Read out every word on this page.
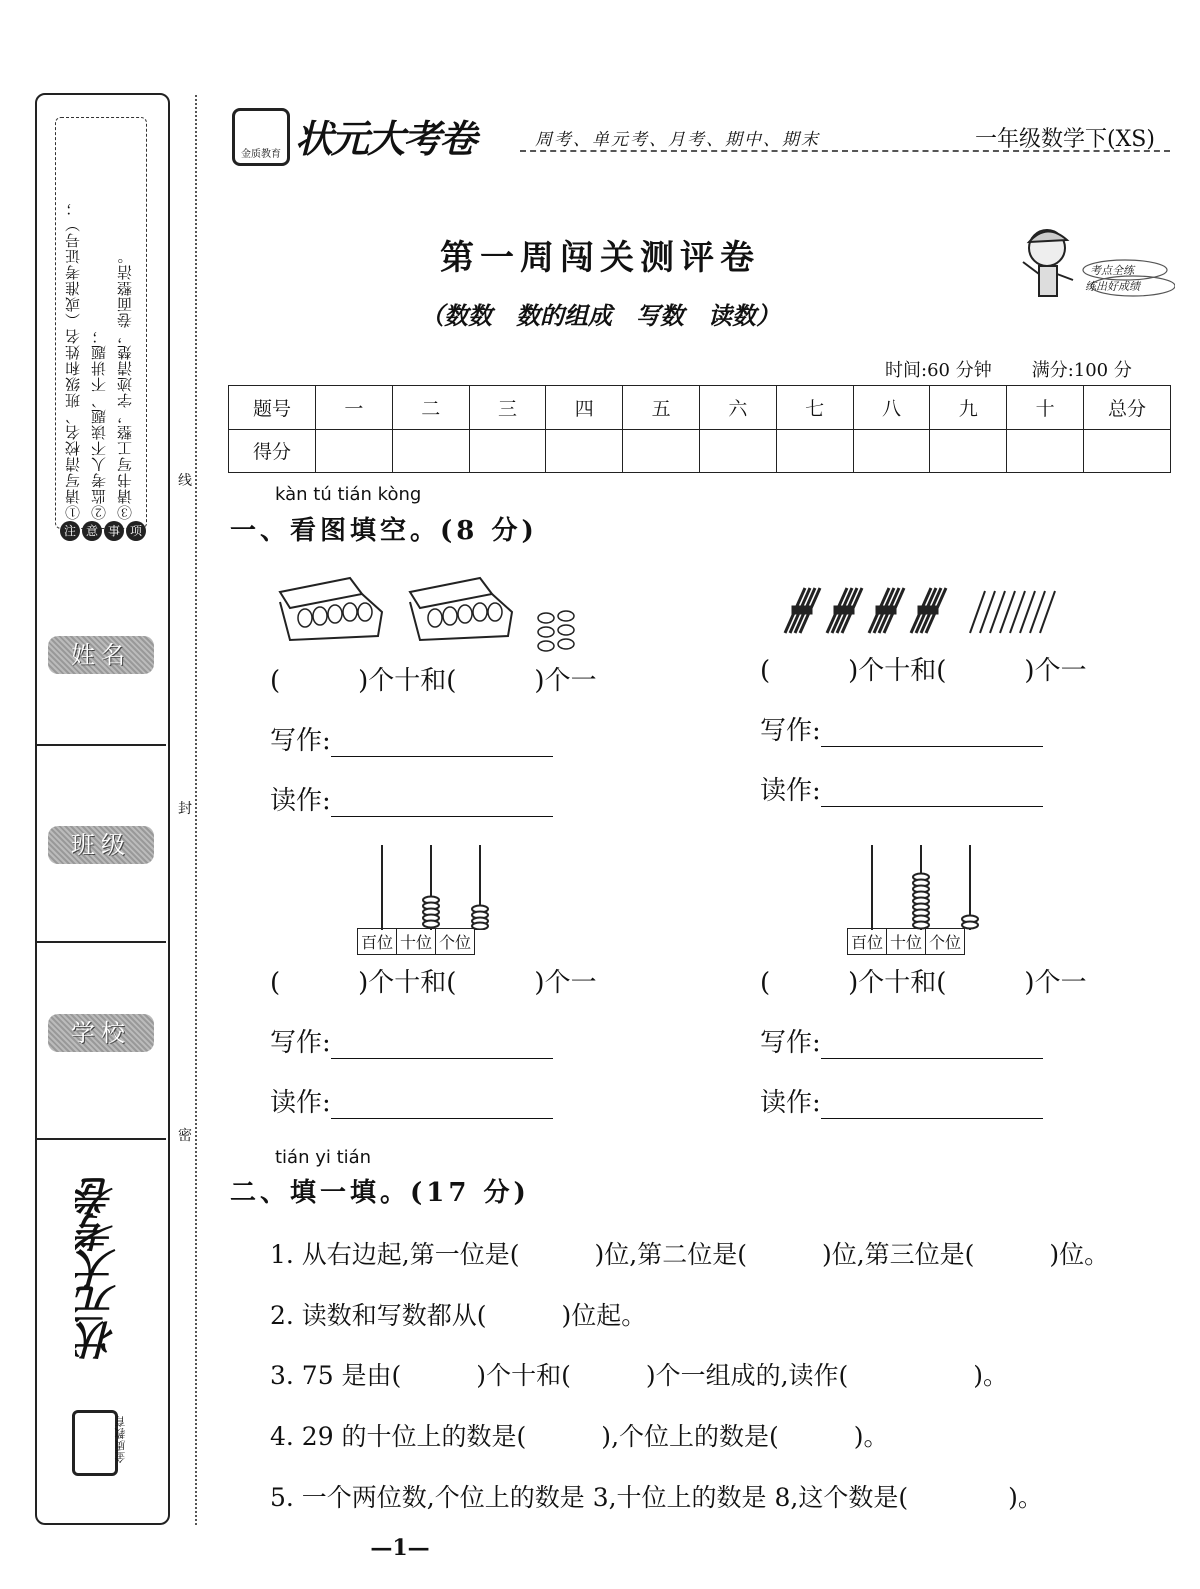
①请写清校名、班级和姓名（或准考证号）； ②监考人不读题、不讲题； ③请书写工整，字迹清楚，卷面整洁。
注 意 事 项
姓名
班级
学校
状元大考卷
金质教育
线
封
密
金质教育 状元大考卷	周考、单元考、月考、期中、期末	一年级数学下(XS)
第一周闯关测评卷
（数数　数的组成　写数　读数）
考点全练
练出好成绩
时间:60 分钟 满分:100 分
题号	一	二	三	四	五	六	七	八	九	十	总分
得分											
kàn tú tián kòng
一、看图填空。(8 分)
(　　　)个十和(　　　)个一
写作:
读作:
(　　　)个十和(　　　)个一
写作:
读作:
百位 十位 个位
(　　　)个十和(　　　)个一
写作:
读作:
百位 十位 个位
(　　　)个十和(　　　)个一
写作:
读作:
tián yi tián
二、填一填。(17 分)
1. 从右边起,第一位是(　　　)位,第二位是(　　　)位,第三位是(　　　)位。
2. 读数和写数都从(　　　)位起。
3. 75 是由(　　　)个十和(　　　)个一组成的,读作(　　　　　)。
4. 29 的十位上的数是(　　　),个位上的数是(　　　)。
5. 一个两位数,个位上的数是 3,十位上的数是 8,这个数是(　　　　)。
—1—
